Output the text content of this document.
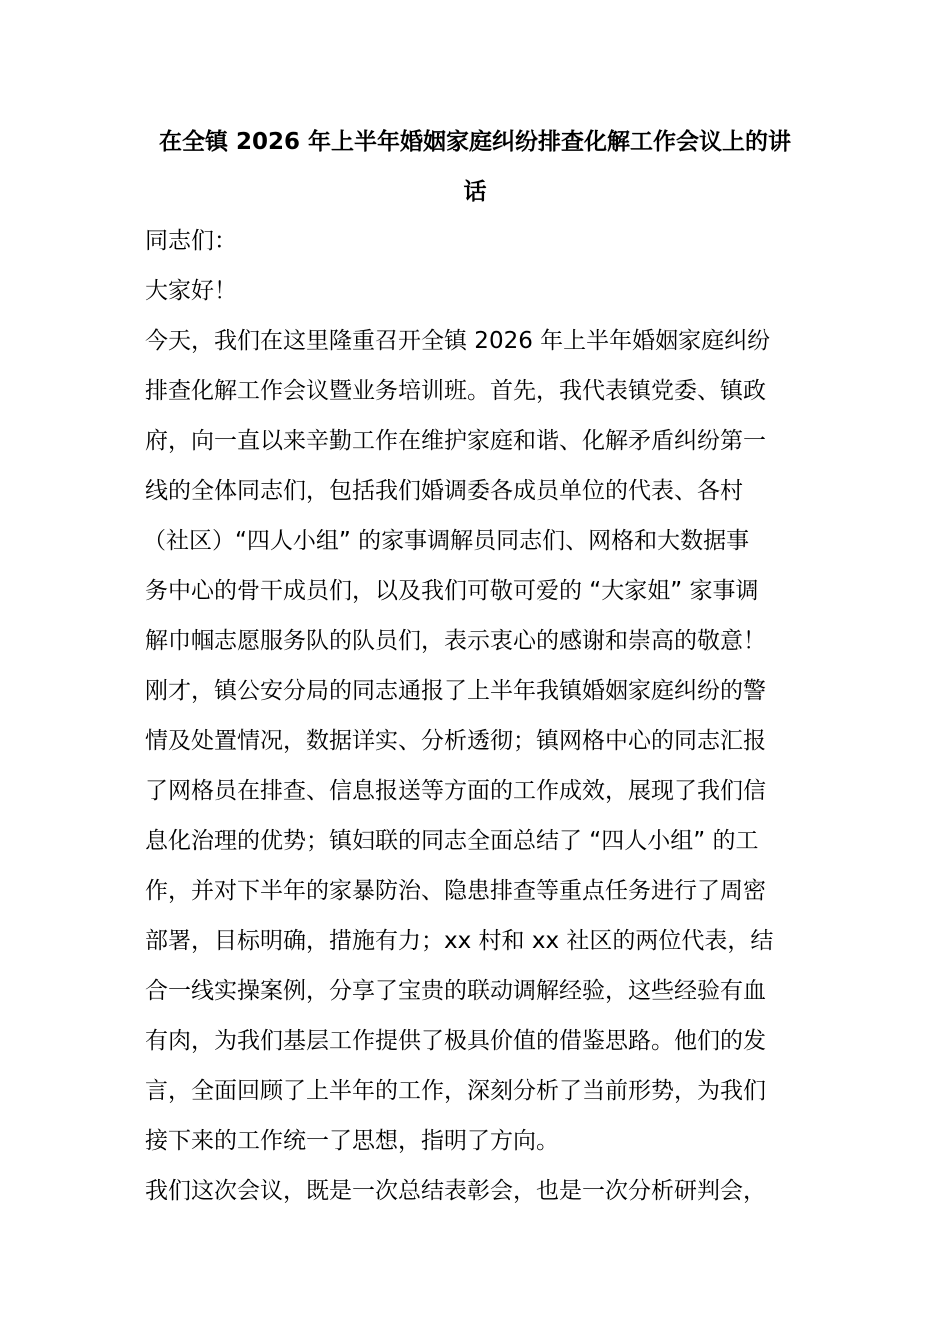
在全镇 2026 年上半年婚姻家庭纠纷排查化解工作会议上的讲
话

同志们：

大家好！

今天，我们在这里隆重召开全镇 2026 年上半年婚姻家庭纠纷

排查化解工作会议暨业务培训班。首先，我代表镇党委、镇政

府，向一直以来辛勤工作在维护家庭和谐、化解矛盾纠纷第一

线的全体同志们，包括我们婚调委各成员单位的代表、各村

（社区）“四人小组” 的家事调解员同志们、网格和大数据事

务中心的骨干成员们，以及我们可敬可爱的 “大家姐” 家事调

解巾帼志愿服务队的队员们，表示衷心的感谢和崇高的敬意！

刚才，镇公安分局的同志通报了上半年我镇婚姻家庭纠纷的警

情及处置情况，数据详实、分析透彻；镇网格中心的同志汇报

了网格员在排查、信息报送等方面的工作成效，展现了我们信

息化治理的优势；镇妇联的同志全面总结了 “四人小组” 的工

作，并对下半年的家暴防治、隐患排查等重点任务进行了周密

部署，目标明确，措施有力；xx 村和 xx 社区的两位代表，结

合一线实操案例，分享了宝贵的联动调解经验，这些经验有血

有肉，为我们基层工作提供了极具价值的借鉴思路。他们的发

言，全面回顾了上半年的工作，深刻分析了当前形势，为我们

接下来的工作统一了思想，指明了方向。

我们这次会议，既是一次总结表彰会，也是一次分析研判会，
